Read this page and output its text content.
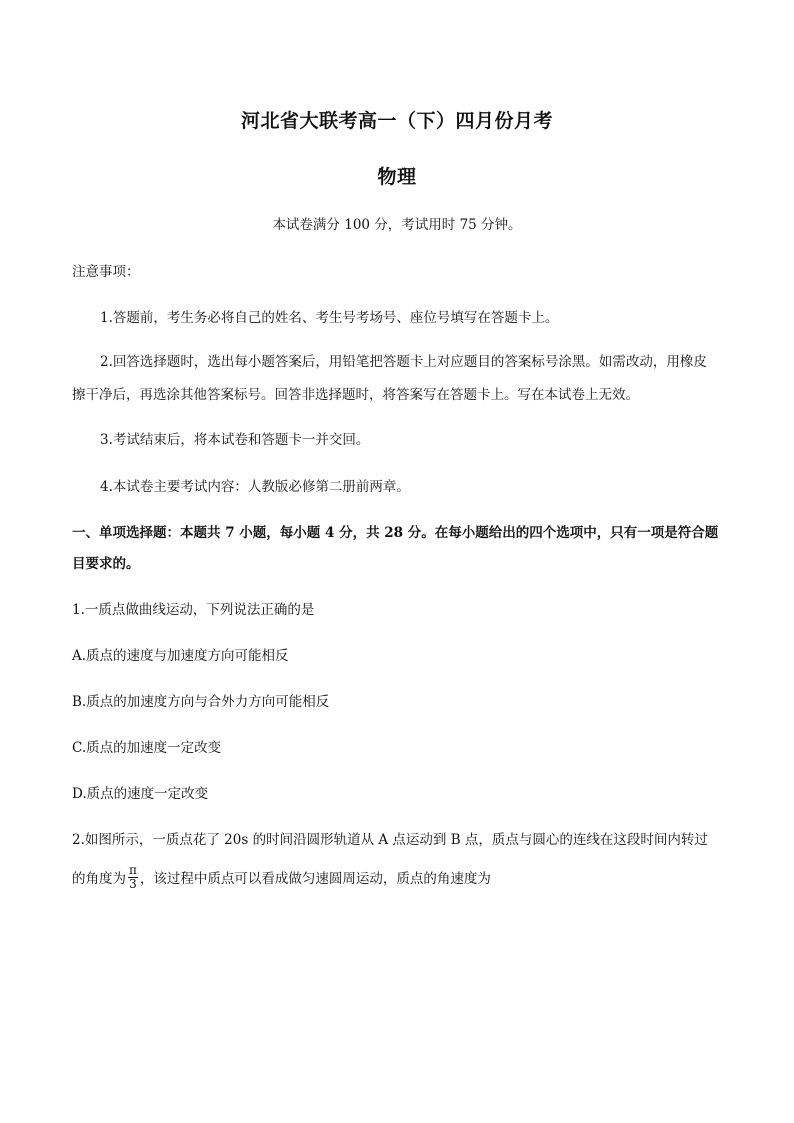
河北省大联考高一（下）四月份月考
物理
本试卷满分 100 分，考试用时 75 分钟。
注意事项：
1.答题前，考生务必将自己的姓名、考生号考场号、座位号填写在答题卡上。
2.回答选择题时，选出每小题答案后，用铅笔把答题卡上对应题目的答案标号涂黑。如需改动，用橡皮
擦干净后，再选涂其他答案标号。回答非选择题时，将答案写在答题卡上。写在本试卷上无效。
3.考试结束后，将本试卷和答题卡一并交回。
4.本试卷主要考试内容：人教版必修第二册前两章。
一、单项选择题：本题共 7 小题，每小题 4 分，共 28 分。在每小题给出的四个选项中，只有一项是符合题
目要求的。
1.一质点做曲线运动，下列说法正确的是
A.质点的速度与加速度方向可能相反
B.质点的加速度方向与合外力方向可能相反
C.质点的加速度一定改变
D.质点的速度一定改变
2.如图所示，一质点花了 20s 的时间沿圆形轨道从 A 点运动到 B 点，质点与圆心的连线在这段时间内转过
的角度为 $\frac{\pi}{3}$ ，该过程中质点可以看成做匀速圆周运动，质点的角速度为
